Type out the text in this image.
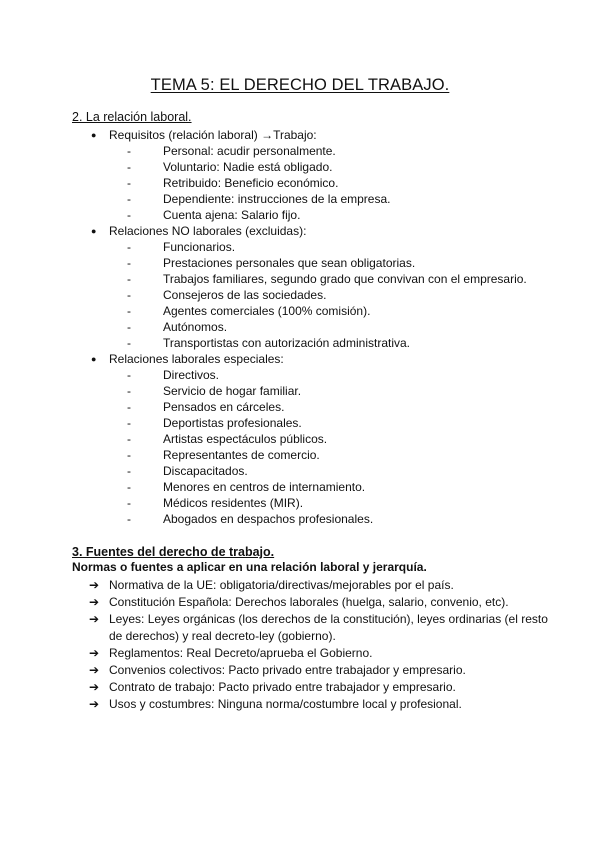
TEMA 5: EL DERECHO DEL TRABAJO.
2. La relación laboral.
● Requisitos (relación laboral) →Trabajo:
-	Personal: acudir personalmente.
-	Voluntario: Nadie está obligado.
-	Retribuido: Beneficio económico.
-	Dependiente: instrucciones de la empresa.
-	Cuenta ajena: Salario fijo.
● Relaciones NO laborales (excluidas):
-	Funcionarios.
-	Prestaciones personales que sean obligatorias.
-	Trabajos familiares, segundo grado que convivan con el empresario.
-	Consejeros de las sociedades.
-	Agentes comerciales (100% comisión).
-	Autónomos.
-	Transportistas con autorización administrativa.
● Relaciones laborales especiales:
-	Directivos.
-	Servicio de hogar familiar.
-	Pensados en cárceles.
-	Deportistas profesionales.
-	Artistas espectáculos públicos.
-	Representantes de comercio.
-	Discapacitados.
-	Menores en centros de internamiento.
-	Médicos residentes (MIR).
-	Abogados en despachos profesionales.
3. Fuentes del derecho de trabajo.
Normas o fuentes a aplicar en una relación laboral y jerarquía.
➔ Normativa de la UE: obligatoria/directivas/mejorables por el país.
➔ Constitución Española: Derechos laborales (huelga, salario, convenio, etc).
➔ Leyes: Leyes orgánicas (los derechos de la constitución), leyes ordinarias (el resto de derechos) y real decreto-ley (gobierno).
➔ Reglamentos: Real Decreto/aprueba el Gobierno.
➔ Convenios colectivos: Pacto privado entre trabajador y empresario.
➔ Contrato de trabajo: Pacto privado entre trabajador y empresario.
➔ Usos y costumbres: Ninguna norma/costumbre local y profesional.
